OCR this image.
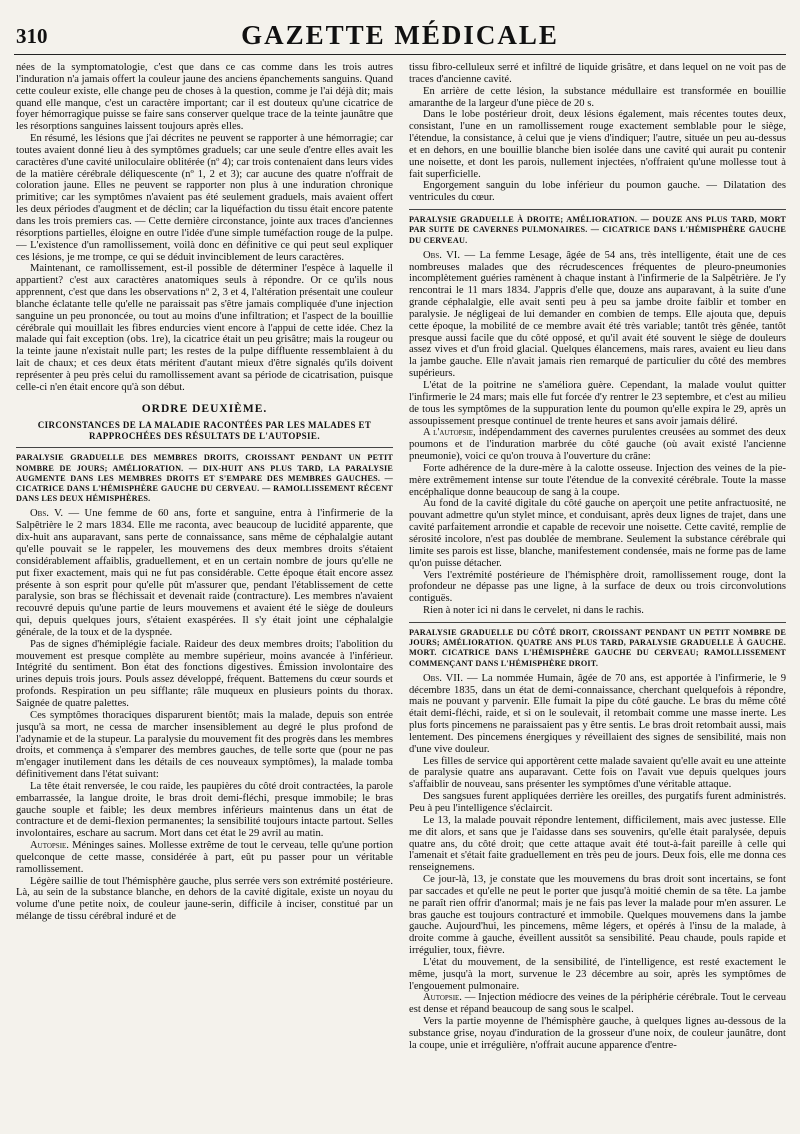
310	GAZETTE MÉDICALE

nées de la symptomatologie, c'est que dans ce cas comme dans les trois autres l'induration n'a jamais offert la couleur jaune des anciens épanchements sanguins. Quand cette couleur existe, elle change peu de choses à la question, comme je l'ai déjà dit; mais quand elle manque, c'est un caractère important; car il est douteux qu'une cicatrice de foyer hémorragique puisse se faire sans conserver quelque trace de la teinte jaunâtre que les résorptions sanguines laissent toujours après elles.

En résumé, les lésions que j'ai décrites ne peuvent se rapporter à une hémorragie; car toutes avaient donné lieu à des symptômes graduels; car une seule d'entre elles avait les caractères d'une cavité uniloculaire oblitérée (nº 4); car trois contenaient dans leurs vides de la matière cérébrale déliquescente (nº 1, 2 et 3); car aucune des quatre n'offrait de coloration jaune. Elles ne peuvent se rapporter non plus à une induration chronique primitive; car les symptômes n'avaient pas été seulement graduels, mais avaient offert les deux périodes d'augment et de déclin; car la liquéfaction du tissu était encore patente dans les trois premiers cas. — Cette dernière circonstance, jointe aux traces d'anciennes résorptions partielles, éloigne en outre l'idée d'une simple tuméfaction rouge de la pulpe. — L'existence d'un ramollissement, voilà donc en définitive ce qui peut seul expliquer ces lésions, je me trompe, ce qui se déduit invinciblement de leurs caractères.

Maintenant, ce ramollissement, est-il possible de déterminer l'espèce à laquelle il appartient? c'est aux caractères anatomiques seuls à répondre. Or ce qu'ils nous apprennent, c'est que dans les observations nº 2, 3 et 4, l'altération présentait une couleur blanche éclatante telle qu'elle ne paraissait pas s'être jamais compliquée d'une injection sanguine un peu prononcée, ou tout au moins d'une infiltration; et l'aspect de la bouillie cérébrale qui mouillait les fibres endurcies vient encore à l'appui de cette idée. Chez la malade qui fait exception (obs. 1re), la cicatrice était un peu grisâtre; mais la rougeur ou la teinte jaune n'existait nulle part; les restes de la pulpe diffluente ressemblaient à du lait de chaux; et ces deux états méritent d'autant mieux d'être signalés qu'ils doivent représenter à peu près celui du ramollissement avant sa période de cicatrisation, puisque celle-ci n'en était encore qu'à son début.

ORDRE DEUXIÈME.
CIRCONSTANCES DE LA MALADIE RACONTÉES PAR LES MALADES ET RAPPROCHÉES DES RÉSULTATS DE L'AUTOPSIE.
PARALYSIE GRADUELLE DES MEMBRES DROITS, CROISSANT PENDANT UN PETIT NOMBRE DE JOURS; AMÉLIORATION. — DIX-HUIT ANS PLUS TARD, LA PARALYSIE AUGMENTE DANS LES MEMBRES DROITS ET S'EMPARE DES MEMBRES GAUCHES. — CICATRICE DANS L'HÉMISPHÈRE GAUCHE DU CERVEAU. — RAMOLLISSEMENT RÉCENT DANS LES DEUX HÉMISPHÈRES.

Obs. V. — Une femme de 60 ans, forte et sanguine, entra à l'infirmerie de la Salpêtrière le 2 mars 1834. Elle me raconta, avec beaucoup de lucidité apparente, que dix-huit ans auparavant, sans perte de connaissance, sans même de céphalalgie autant qu'elle pouvait se le rappeler, les mouvemens des deux membres droits s'étaient considérablement affaiblis, graduellement, et en un certain nombre de jours qu'elle ne put fixer exactement, mais qui ne fut pas considérable. Cette époque était encore assez présente à son esprit pour qu'elle pût m'assurer que, pendant l'établissement de cette paralysie, son bras se fléchissait et devenait raide (contracture). Les membres n'avaient recouvré depuis qu'une partie de leurs mouvemens et avaient été le siège de douleurs qui, depuis quelques jours, s'étaient exaspérées. Il s'y était joint une céphalalgie générale, de la toux et de la dyspnée.

Pas de signes d'hémiplégie faciale. Raideur des deux membres droits; l'abolition du mouvement est presque complète au membre supérieur, moins avancée à l'inférieur. Intégrité du sentiment. Bon état des fonctions digestives. Émission involontaire des urines depuis trois jours. Pouls assez développé, fréquent. Battemens du cœur sourds et profonds. Respiration un peu sifflante; râle muqueux en plusieurs points du thorax. Saignée de quatre palettes.

Ces symptômes thoraciques disparurent bientôt; mais la malade, depuis son entrée jusqu'à sa mort, ne cessa de marcher insensiblement au degré le plus profond de l'adynamie et de la stupeur. La paralysie du mouvement fit des progrès dans les membres droits, et commença à s'emparer des membres gauches, de telle sorte que (pour ne pas m'engager inutilement dans les détails de ces nouveaux symptômes), la malade tomba définitivement dans l'état suivant:

La tête était renversée, le cou raide, les paupières du côté droit contractées, la parole embarrassée, la langue droite, le bras droit demi-fléchi, presque immobile; le bras gauche souple et faible; les deux membres inférieurs maintenus dans un état de contracture et de demi-flexion permanentes; la sensibilité toujours intacte partout. Selles involontaires, eschare au sacrum. Mort dans cet état le 29 avril au matin.

Autopsie. Méninges saines. Mollesse extrême de tout le cerveau, telle qu'une portion quelconque de cette masse, considérée à part, eût pu passer pour un véritable ramollissement.

Légère saillie de tout l'hémisphère gauche, plus serrée vers son extrémité postérieure. Là, au sein de la substance blanche, en dehors de la cavité digitale, existe un noyau du volume d'une petite noix, de couleur jaune-serin, difficile à inciser, constitué par un mélange de tissu cérébral induré et de

tissu fibro-celluleux serré et infiltré de liquide grisâtre, et dans lequel on ne voit pas de traces d'ancienne cavité.

En arrière de cette lésion, la substance médullaire est transformée en bouillie amaranthe de la largeur d'une pièce de 20 s.

Dans le lobe postérieur droit, deux lésions également, mais récentes toutes deux, consistant, l'une en un ramollissement rouge exactement semblable pour le siège, l'étendue, la consistance, à celui que je viens d'indiquer; l'autre, située un peu au-dessus et en dehors, en une bouillie blanche bien isolée dans une cavité qui aurait pu contenir une noisette, et dont les parois, nullement injectées, n'offraient qu'une mollesse tout à fait superficielle.

Engorgement sanguin du lobe inférieur du poumon gauche. — Dilatation des ventricules du cœur.

PARALYSIE GRADUELLE À DROITE; AMÉLIORATION. — DOUZE ANS PLUS TARD, MORT PAR SUITE DE CAVERNES PULMONAIRES. — CICATRICE DANS L'HÉMISPHÈRE GAUCHE DU CERVEAU.

Obs. VI. — La femme Lesage, âgée de 54 ans, très intelligente, était une de ces nombreuses malades que des récrudescences fréquentes de pleuro-pneumonies incomplètement guéries ramènent à chaque instant à l'infirmerie de la Salpêtrière. Je l'y rencontrai le 11 mars 1834. J'appris d'elle que, douze ans auparavant, à la suite d'une grande céphalalgie, elle avait senti peu à peu sa jambe droite faiblir et tomber en paralysie. Je négligeai de lui demander en combien de temps. Elle ajouta que, depuis cette époque, la mobilité de ce membre avait été très variable; tantôt très gênée, tantôt presque aussi facile que du côté opposé, et qu'il avait été souvent le siège de douleurs assez vives et d'un froid glacial. Quelques élancemens, mais rares, avaient eu lieu dans la jambe gauche. Elle n'avait jamais rien remarqué de particulier du côté des membres supérieurs.

L'état de la poitrine ne s'améliora guère. Cependant, la malade voulut quitter l'infirmerie le 24 mars; mais elle fut forcée d'y rentrer le 23 septembre, et c'est au milieu de tous les symptômes de la suppuration lente du poumon qu'elle expira le 29, après un assoupissement presque continuel de trente heures et sans avoir jamais déliré.

A l'autopsie, indépendamment des cavernes purulentes creusées au sommet des deux poumons et de l'induration marbrée du côté gauche (où avait existé l'ancienne pneumonie), voici ce qu'on trouva à l'ouverture du crâne:

Forte adhérence de la dure-mère à la calotte osseuse. Injection des veines de la pie-mère extrêmement intense sur toute l'étendue de la convexité cérébrale. Toute la masse encéphalique donne beaucoup de sang à la coupe.

Au fond de la cavité digitale du côté gauche on aperçoit une petite anfractuosité, ne pouvant admettre qu'un stylet mince, et conduisant, après deux lignes de trajet, dans une cavité parfaitement arrondie et capable de recevoir une noisette. Cette cavité, remplie de sérosité incolore, n'est pas doublée de membrane. Seulement la substance cérébrale qui limite ses parois est lisse, blanche, manifestement condensée, mais ne forme pas de lame qu'on puisse détacher.

Vers l'extrémité postérieure de l'hémisphère droit, ramollissement rouge, dont la profondeur ne dépasse pas une ligne, à la surface de deux ou trois circonvolutions contiguës.

Rien à noter ici ni dans le cervelet, ni dans le rachis.

PARALYSIE GRADUELLE DU CÔTÉ DROIT, CROISSANT PENDANT UN PETIT NOMBRE DE JOURS; AMÉLIORATION. QUATRE ANS PLUS TARD, PARALYSIE GRADUELLE À GAUCHE. MORT. CICATRICE DANS L'HÉMISPHÈRE GAUCHE DU CERVEAU; RAMOLLISSEMENT COMMENÇANT DANS L'HÉMISPHÈRE DROIT.

Obs. VII. — La nommée Humain, âgée de 70 ans, est apportée à l'infirmerie, le 9 décembre 1835, dans un état de demi-connaissance, cherchant quelquefois à répondre, mais ne pouvant y parvenir. Elle fumait la pipe du côté gauche. Le bras du même côté était demi-fléchi, raide, et si on le soulevait, il retombait comme une masse inerte. Les plus forts pincemens ne paraissaient pas y être sentis. Le bras droit retombait aussi, mais lentement. Des pincemens énergiques y réveillaient des signes de sensibilité, mais non d'une vive douleur.

Les filles de service qui apportèrent cette malade savaient qu'elle avait eu une atteinte de paralysie quatre ans auparavant. Cette fois on l'avait vue depuis quelques jours s'affaiblir de nouveau, sans présenter les symptômes d'une véritable attaque.

Des sangsues furent appliquées derrière les oreilles, des purgatifs furent administrés. Peu à peu l'intelligence s'éclaircit.

Le 13, la malade pouvait répondre lentement, difficilement, mais avec justesse. Elle me dit alors, et sans que je l'aidasse dans ses souvenirs, qu'elle était paralysée, depuis quatre ans, du côté droit; que cette attaque avait été tout-à-fait pareille à celle qui l'amenait et s'était faite graduellement en très peu de jours. Deux fois, elle me donna ces renseignemens.

Ce jour-là, 13, je constate que les mouvemens du bras droit sont incertains, se font par saccades et qu'elle ne peut le porter que jusqu'à moitié chemin de sa tête. La jambe ne paraît rien offrir d'anormal; mais je ne fais pas lever la malade pour m'en assurer. Le bras gauche est toujours contracturé et immobile. Quelques mouvemens dans la jambe gauche. Aujourd'hui, les pincemens, même légers, et opérés à l'insu de la malade, à droite comme à gauche, éveillent aussitôt sa sensibilité. Peau chaude, pouls rapide et irrégulier, toux, fièvre.

L'état du mouvement, de la sensibilité, de l'intelligence, est resté exactement le même, jusqu'à la mort, survenue le 23 décembre au soir, après les symptômes de l'engouement pulmonaire.

Autopsie. — Injection médiocre des veines de la périphérie cérébrale. Tout le cerveau est dense et répand beaucoup de sang sous le scalpel.

Vers la partie moyenne de l'hémisphère gauche, à quelques lignes au-dessous de la substance grise, noyau d'induration de la grosseur d'une noix, de couleur jaunâtre, dont la coupe, unie et irrégulière, n'offrait aucune apparence d'entre-
